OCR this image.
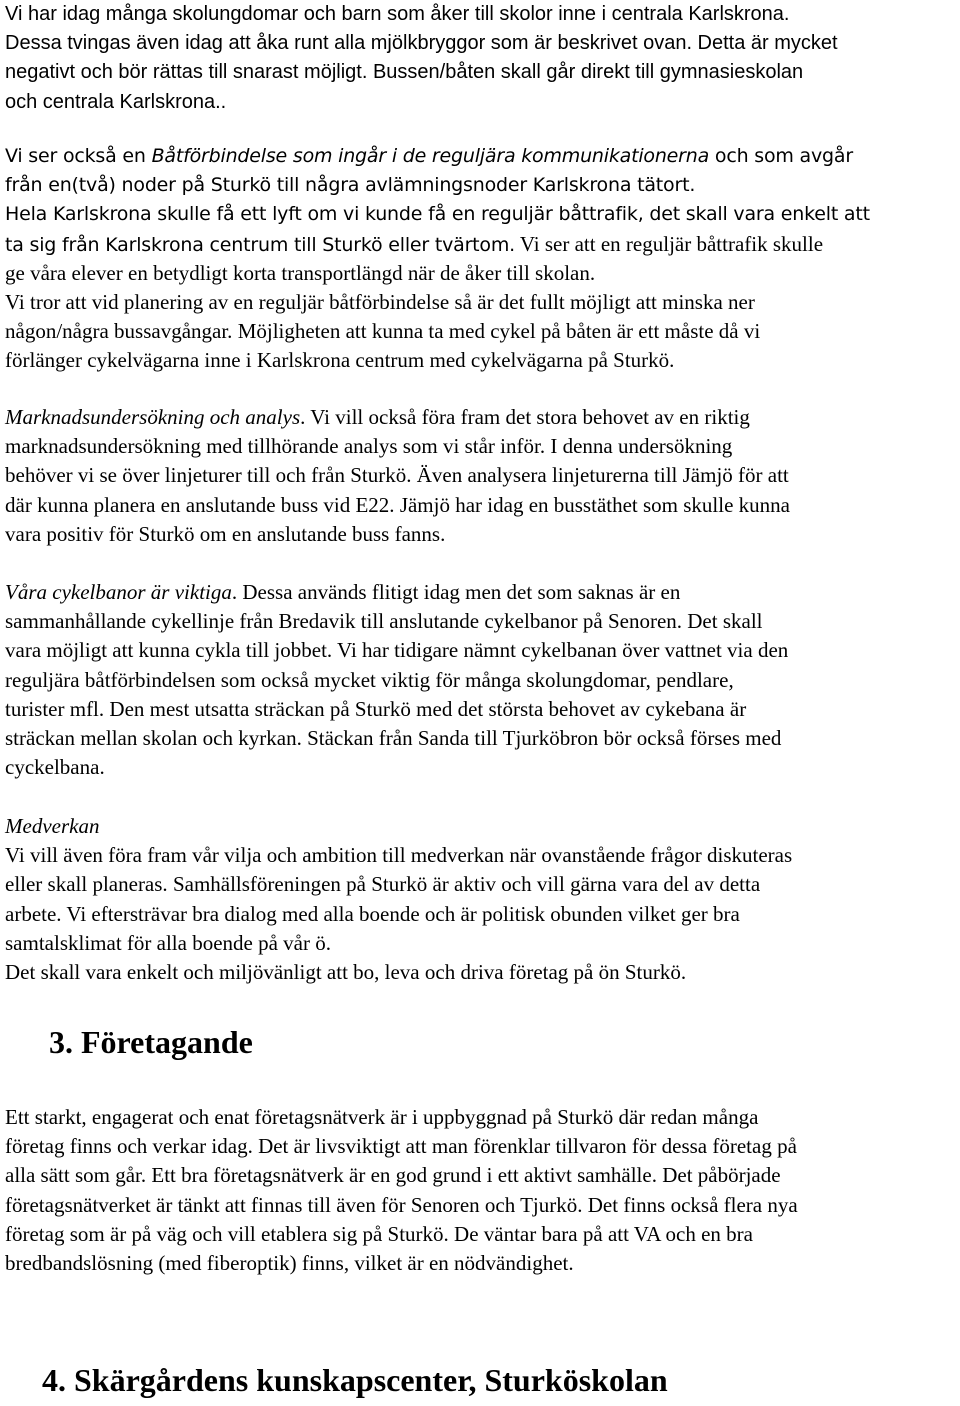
Vi har idag många skolungdomar och barn som åker till skolor inne i centrala Karlskrona.
Dessa tvingas även idag att åka runt alla mjölkbryggor som är beskrivet ovan. Detta är mycket
negativt och bör rättas till snarast möjligt. Bussen/båten skall går direkt till gymnasieskolan
och centrala Karlskrona..
Vi ser också en Båtförbindelse som ingår i de reguljära kommunikationerna och som avgår
från en(två) noder på Sturkö till några avlämningsnoder Karlskrona tätort.
Hela Karlskrona skulle få ett lyft om vi kunde få en reguljär båttrafik, det skall vara enkelt att
ta sig från Karlskrona centrum till Sturkö eller tvärtom. Vi ser att en reguljär båttrafik skulle
ge våra elever en betydligt korta transportlängd när de åker till skolan.
Vi tror att vid planering av en reguljär båtförbindelse så är det fullt möjligt att minska ner
någon/några bussavgångar. Möjligheten att kunna ta med cykel på båten är ett måste då vi
förlänger cykelvägarna inne i Karlskrona centrum med cykelvägarna på Sturkö.
Marknadsundersökning och analys. Vi vill också föra fram det stora behovet av en riktig
marknadsundersökning med tillhörande analys som vi står inför. I denna undersökning
behöver vi se över linjeturer till och från Sturkö. Även analysera linjeturerna till Jämjö för att
där kunna planera en anslutande buss vid E22. Jämjö har idag en busstäthet som skulle kunna
vara positiv för Sturkö om en anslutande buss fanns.
Våra cykelbanor är viktiga. Dessa används flitigt idag men det som saknas är en
sammanhållande cykellinje från Bredavik till anslutande cykelbanor på Senoren. Det skall
vara möjligt att kunna cykla till jobbet. Vi har tidigare nämnt cykelbanan över vattnet via den
reguljära båtförbindelsen som också mycket viktig för många skolungdomar, pendlare,
turister mfl. Den mest utsatta sträckan på Sturkö med det största behovet av cykebana är
sträckan mellan skolan och kyrkan. Stäckan från Sanda till Tjurköbron bör också förses med
cyckelbana.
Medverkan
Vi vill även föra fram vår vilja och ambition till medverkan när ovanstående frågor diskuteras
eller skall planeras. Samhällsföreningen på Sturkö är aktiv och vill gärna vara del av detta
arbete. Vi eftersträvar bra dialog med alla boende och är politisk obunden vilket ger bra
samtalsklimat för alla boende på vår ö.
Det skall vara enkelt och miljövänligt att bo, leva och driva företag på ön Sturkö.
3. Företagande
Ett starkt, engagerat och enat företagsnätverk är i uppbyggnad på Sturkö där redan många
företag finns och verkar idag. Det är livsviktigt att man förenklar tillvaron för dessa företag på
alla sätt som går. Ett bra företagsnätverk är en god grund i ett aktivt samhälle. Det påbörjade
företagsnätverket är tänkt att finnas till även för Senoren och Tjurkö. Det finns också flera nya
företag som är på väg och vill etablera sig på Sturkö. De väntar bara på att VA och en bra
bredbandslösning (med fiberoptik) finns, vilket är en nödvändighet.
4. Skärgårdens kunskapscenter, Sturköskolan
